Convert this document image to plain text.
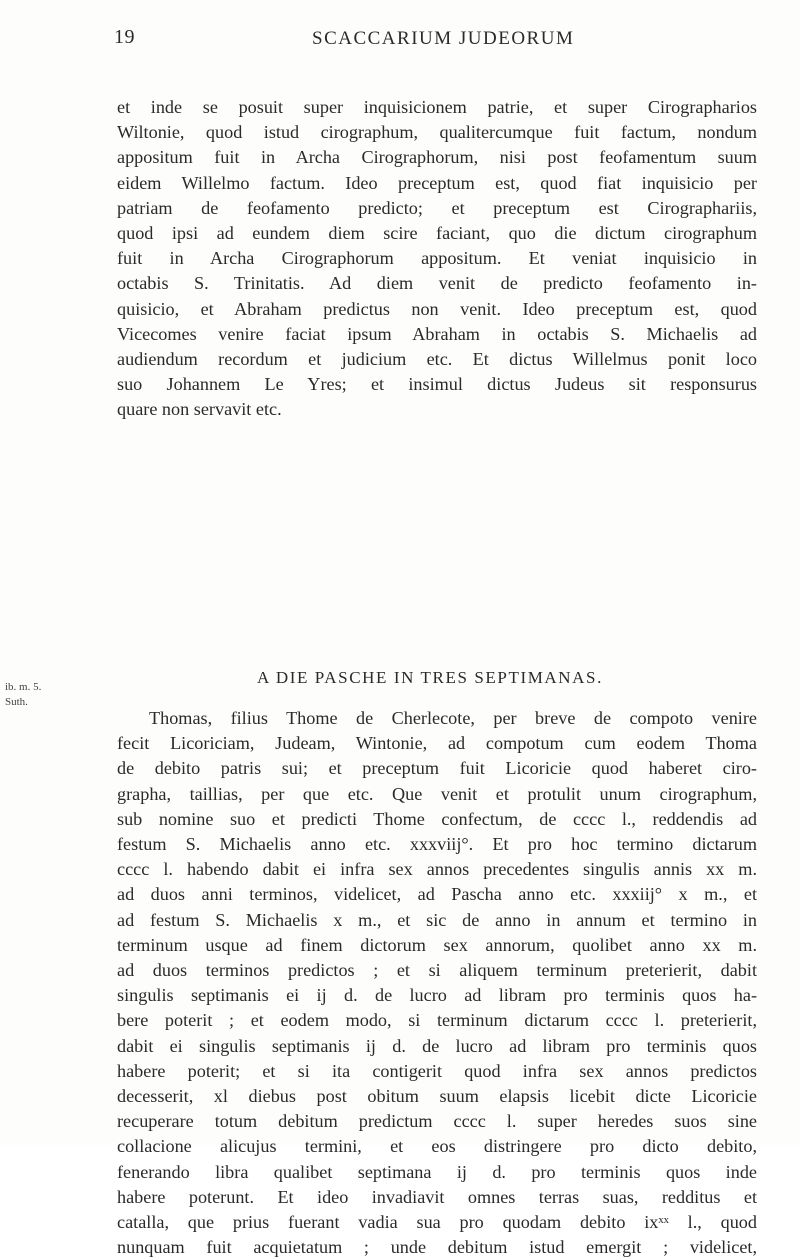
19	SCACCARIUM JUDEORUM
et inde se posuit super inquisicionem patrie, et super Cirographarios
Wiltonie, quod istud cirographum, qualitercumque fuit factum, nondum
appositum fuit in Archa Cirographorum, nisi post feofamentum suum
eidem Willelmo factum. Ideo preceptum est, quod fiat inquisicio per
patriam de feofamento predicto; et preceptum est Cirographariis,
quod ipsi ad eundem diem scire faciant, quo die dictum cirographum
fuit in Archa Cirographorum appositum. Et veniat inquisicio in
octabis S. Trinitatis. Ad diem venit de predicto feofamento in-
quisicio, et Abraham predictus non venit. Ideo preceptum est, quod
Vicecomes venire faciat ipsum Abraham in octabis S. Michaelis ad
audiendum recordum et judicium etc. Et dictus Willelmus ponit loco
suo Johannem Le Yres; et insimul dictus Judeus sit responsurus
quare non servavit etc.
A DIE PASCHE IN TRES SEPTIMANAS.
ib. m. 5.
Suth.
Thomas, filius Thome de Cherlecote, per breve de compoto venire
fecit Licoriciam, Judeam, Wintonie, ad compotum cum eodem Thoma
de debito patris sui; et preceptum fuit Licoricie quod haberet ciro-
grapha, taillias, per que etc. Que venit et protulit unum cirographum,
sub nomine suo et predicti Thome confectum, de cccc l., reddendis ad
festum S. Michaelis anno etc. xxxviij°. Et pro hoc termino dictarum
cccc l. habendo dabit ei infra sex annos precedentes singulis annis xx m.
ad duos anni terminos, videlicet, ad Pascha anno etc. xxxiij° x m., et
ad festum S. Michaelis x m., et sic de anno in annum et termino in
terminum usque ad finem dictorum sex annorum, quolibet anno xx m.
ad duos terminos predictos ; et si aliquem terminum preterierit, dabit
singulis septimanis ei ij d. de lucro ad libram pro terminis quos ha-
bere poterit ; et eodem modo, si terminum dictarum cccc l. preterierit,
dabit ei singulis septimanis ij d. de lucro ad libram pro terminis quos
habere poterit; et si ita contigerit quod infra sex annos predictos
decesserit, xl diebus post obitum suum elapsis licebit dicte Licoricie
recuperare totum debitum predictum cccc l. super heredes suos sine
collacione alicujus termini, et eos distringere pro dicto debito,
fenerando libra qualibet septimana ij d. pro terminis quos inde
habere poterunt. Et ideo invadiavit omnes terras suas, redditus et
catalla, que prius fuerant vadia sua pro quodam debito ixˣˣ l., quod
nunquam fuit acquietatum ; unde debitum istud emergit ; videlicet,
